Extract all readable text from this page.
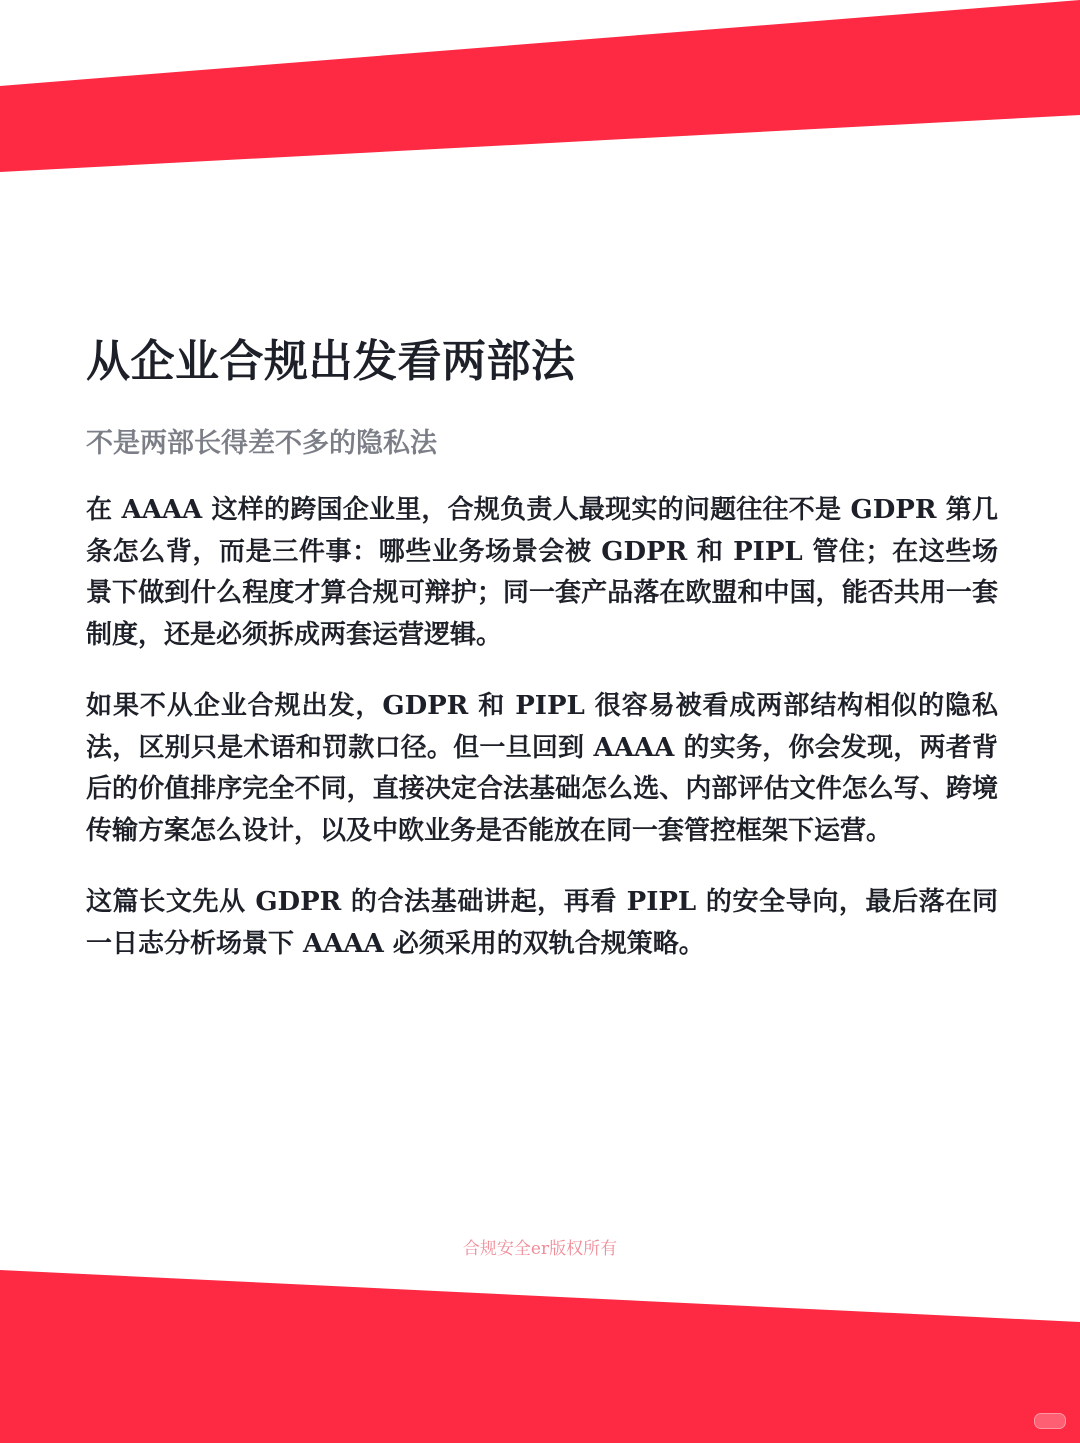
从企业合规出发看两部法

不是两部长得差不多的隐私法

在 AAAA 这样的跨国企业里，合规负责人最现实的问题往往不是 GDPR 第几条怎么背，而是三件事：哪些业务场景会被 GDPR 和 PIPL 管住；在这些场景下做到什么程度才算合规可辩护；同一套产品落在欧盟和中国，能否共用一套制度，还是必须拆成两套运营逻辑。

如果不从企业合规出发，GDPR 和 PIPL 很容易被看成两部结构相似的隐私法，区别只是术语和罚款口径。但一旦回到 AAAA 的实务，你会发现，两者背后的价值排序完全不同，直接决定合法基础怎么选、内部评估文件怎么写、跨境传输方案怎么设计，以及中欧业务是否能放在同一套管控框架下运营。

这篇长文先从 GDPR 的合法基础讲起，再看 PIPL 的安全导向，最后落在同一日志分析场景下 AAAA 必须采用的双轨合规策略。

合规安全er版权所有
